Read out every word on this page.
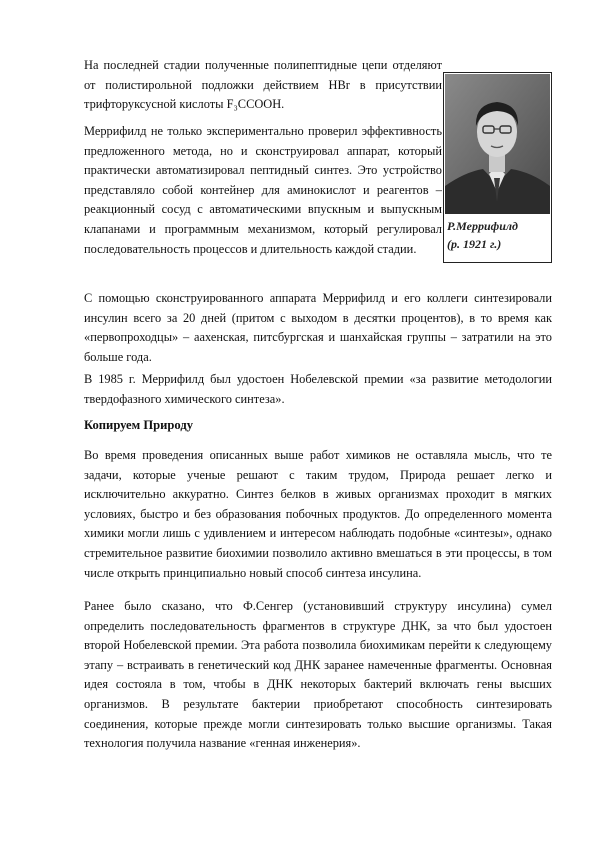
На последней стадии полученные полипептидные цепи отделяют от полистирольной подложки действием HBr в присутствии трифторуксусной кислоты F₃CCOOH.

Р.Меррифилд
(р. 1921 г.)

Меррифилд не только экспериментально проверил эффективность предложенного метода, но и сконструировал аппарат, который практически автоматизировал пептидный синтез. Это устройство представляло собой контейнер для аминокислот и реагентов – реакционный сосуд с автоматическими впускным и выпускным клапанами и программным механизмом, который регулировал последовательность процессов и длительность каждой стадии.

С помощью сконструированного аппарата Меррифилд и его коллеги синтезировали инсулин всего за 20 дней (притом с выходом в десятки процентов), в то время как «первопроходцы» – аахенская, питсбургская и шанхайская группы – затратили на это больше года.

В 1985 г. Меррифилд был удостоен Нобелевской премии «за развитие методологии твердофазного химического синтеза».

Копируем Природу

Во время проведения описанных выше работ химиков не оставляла мысль, что те задачи, которые ученые решают с таким трудом, Природа решает легко и исключительно аккуратно. Синтез белков в живых организмах проходит в мягких условиях, быстро и без образования побочных продуктов. До определенного момента химики могли лишь с удивлением и интересом наблюдать подобные «синтезы», однако стремительное развитие биохимии позволило активно вмешаться в эти процессы, в том числе открыть принципиально новый способ синтеза инсулина.

Ранее было сказано, что Ф.Сенгер (установивший структуру инсулина) сумел определить последовательность фрагментов в структуре ДНК, за что был удостоен второй Нобелевской премии. Эта работа позволила биохимикам перейти к следующему этапу – встраивать в генетический код ДНК заранее намеченные фрагменты. Основная идея состояла в том, чтобы в ДНК некоторых бактерий включать гены высших организмов. В результате бактерии приобретают способность синтезировать соединения, которые прежде могли синтезировать только высшие организмы. Такая технология получила название «генная инженерия».
